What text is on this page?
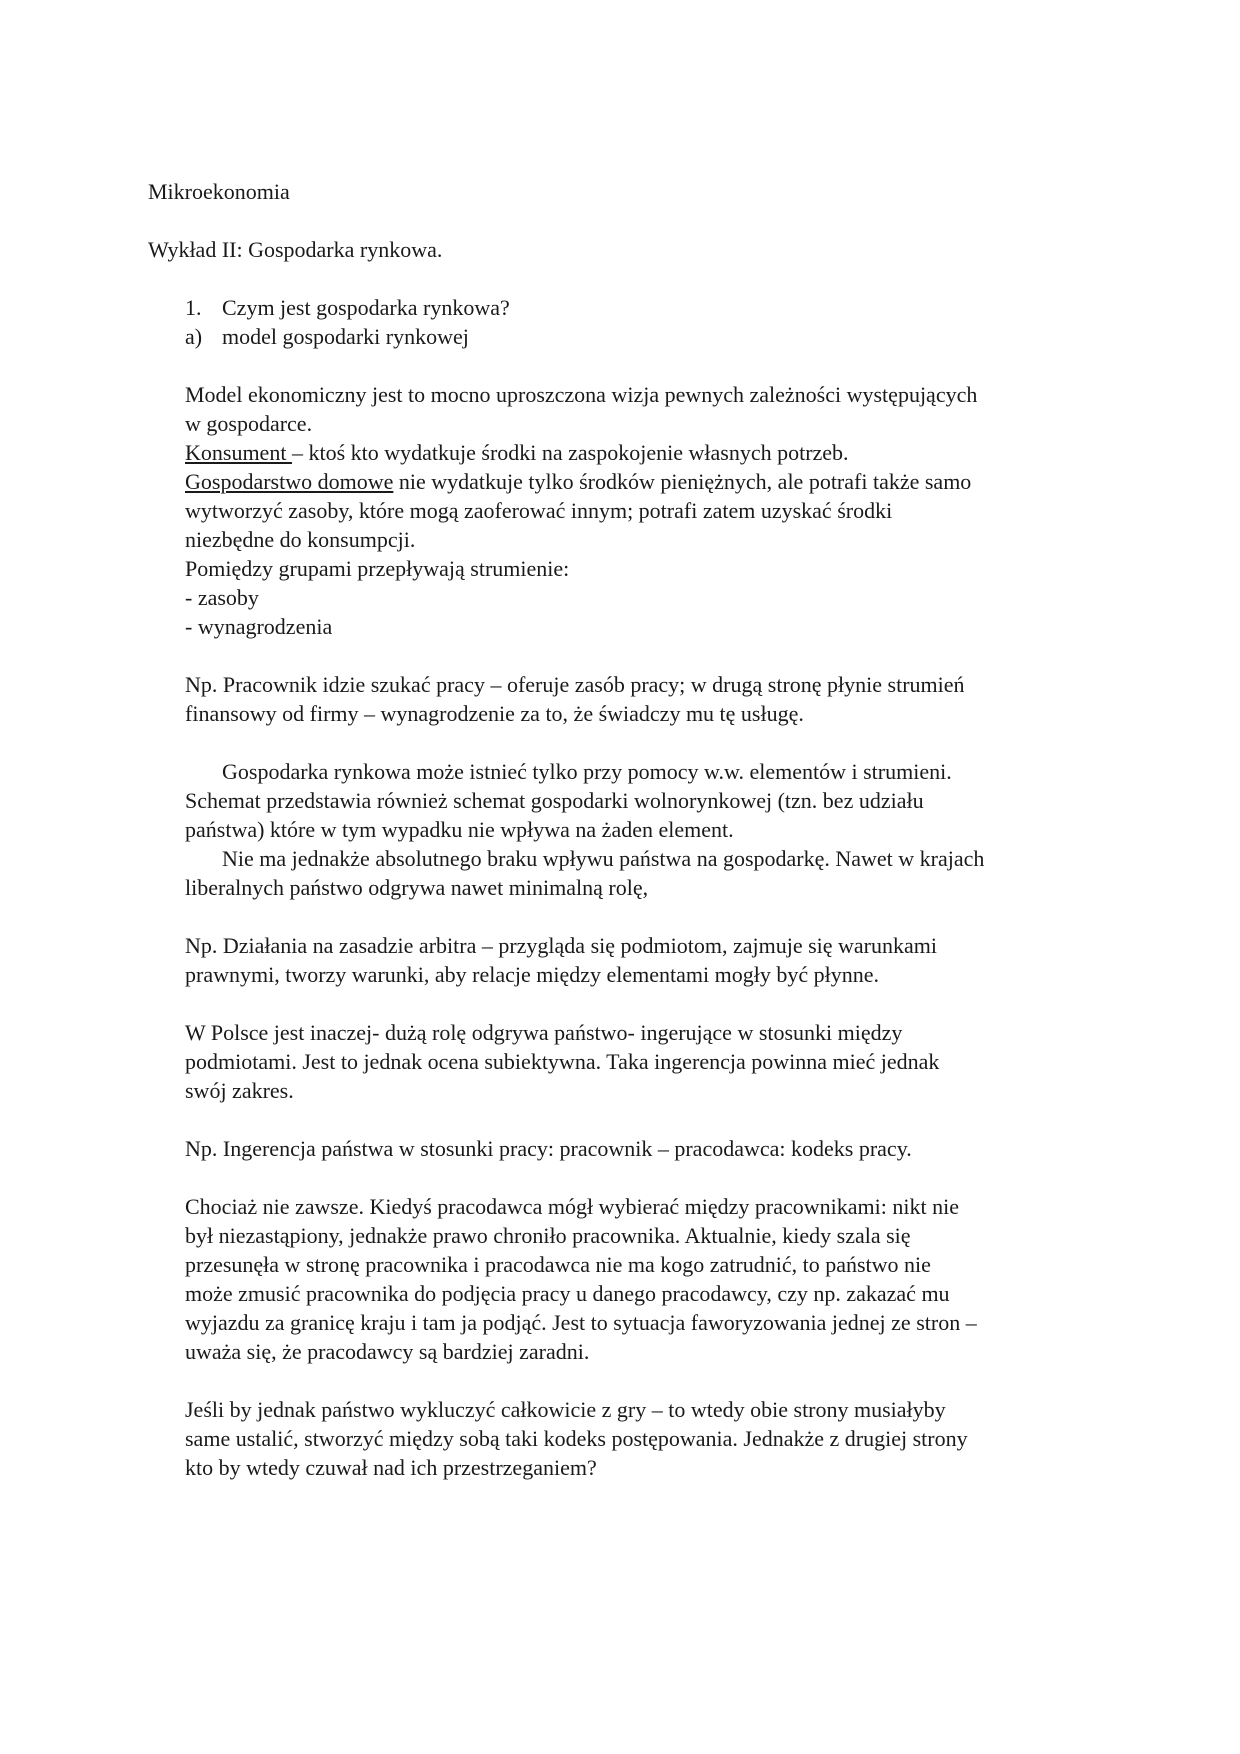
Mikroekonomia
Wykład II: Gospodarka rynkowa.
1. Czym jest gospodarka rynkowa?
a) model gospodarki rynkowej
Model ekonomiczny jest to mocno uproszczona wizja pewnych zależności występujących
w gospodarce.
Konsument – ktoś kto wydatkuje środki na zaspokojenie własnych potrzeb.
Gospodarstwo domowe nie wydatkuje tylko środków pieniężnych, ale potrafi także samo
wytworzyć zasoby, które mogą zaoferować innym; potrafi zatem uzyskać środki
niezbędne do konsumpcji.
Pomiędzy grupami przepływają strumienie:
- zasoby
- wynagrodzenia
Np. Pracownik idzie szukać pracy – oferuje zasób pracy; w drugą stronę płynie strumień
finansowy od firmy – wynagrodzenie za to, że świadczy mu tę usługę.
Gospodarka rynkowa może istnieć tylko przy pomocy w.w. elementów i strumieni.
Schemat przedstawia również schemat gospodarki wolnorynkowej (tzn. bez udziału
państwa) które w tym wypadku nie wpływa na żaden element.
Nie ma jednakże absolutnego braku wpływu państwa na gospodarkę. Nawet w krajach
liberalnych państwo odgrywa nawet minimalną rolę,
Np. Działania na zasadzie arbitra – przygląda się podmiotom, zajmuje się warunkami
prawnymi, tworzy warunki, aby relacje między elementami mogły być płynne.
W Polsce jest inaczej- dużą rolę odgrywa państwo- ingerujące w stosunki między
podmiotami. Jest to jednak ocena subiektywna. Taka ingerencja powinna mieć jednak
swój zakres.
Np. Ingerencja państwa w stosunki pracy: pracownik – pracodawca: kodeks pracy.
Chociaż nie zawsze. Kiedyś pracodawca mógł wybierać między pracownikami: nikt nie
był niezastąpiony, jednakże prawo chroniło pracownika. Aktualnie, kiedy szala się
przesunęła w stronę pracownika i pracodawca nie ma kogo zatrudnić, to państwo nie
może zmusić pracownika do podjęcia pracy u danego pracodawcy, czy np. zakazać mu
wyjazdu za granicę kraju i tam ja podjąć. Jest to sytuacja faworyzowania jednej ze stron –
uważa się, że pracodawcy są bardziej zaradni.
Jeśli by jednak państwo wykluczyć całkowicie z gry – to wtedy obie strony musiałyby
same ustalić, stworzyć między sobą taki kodeks postępowania. Jednakże z drugiej strony
kto by wtedy czuwał nad ich przestrzeganiem?
